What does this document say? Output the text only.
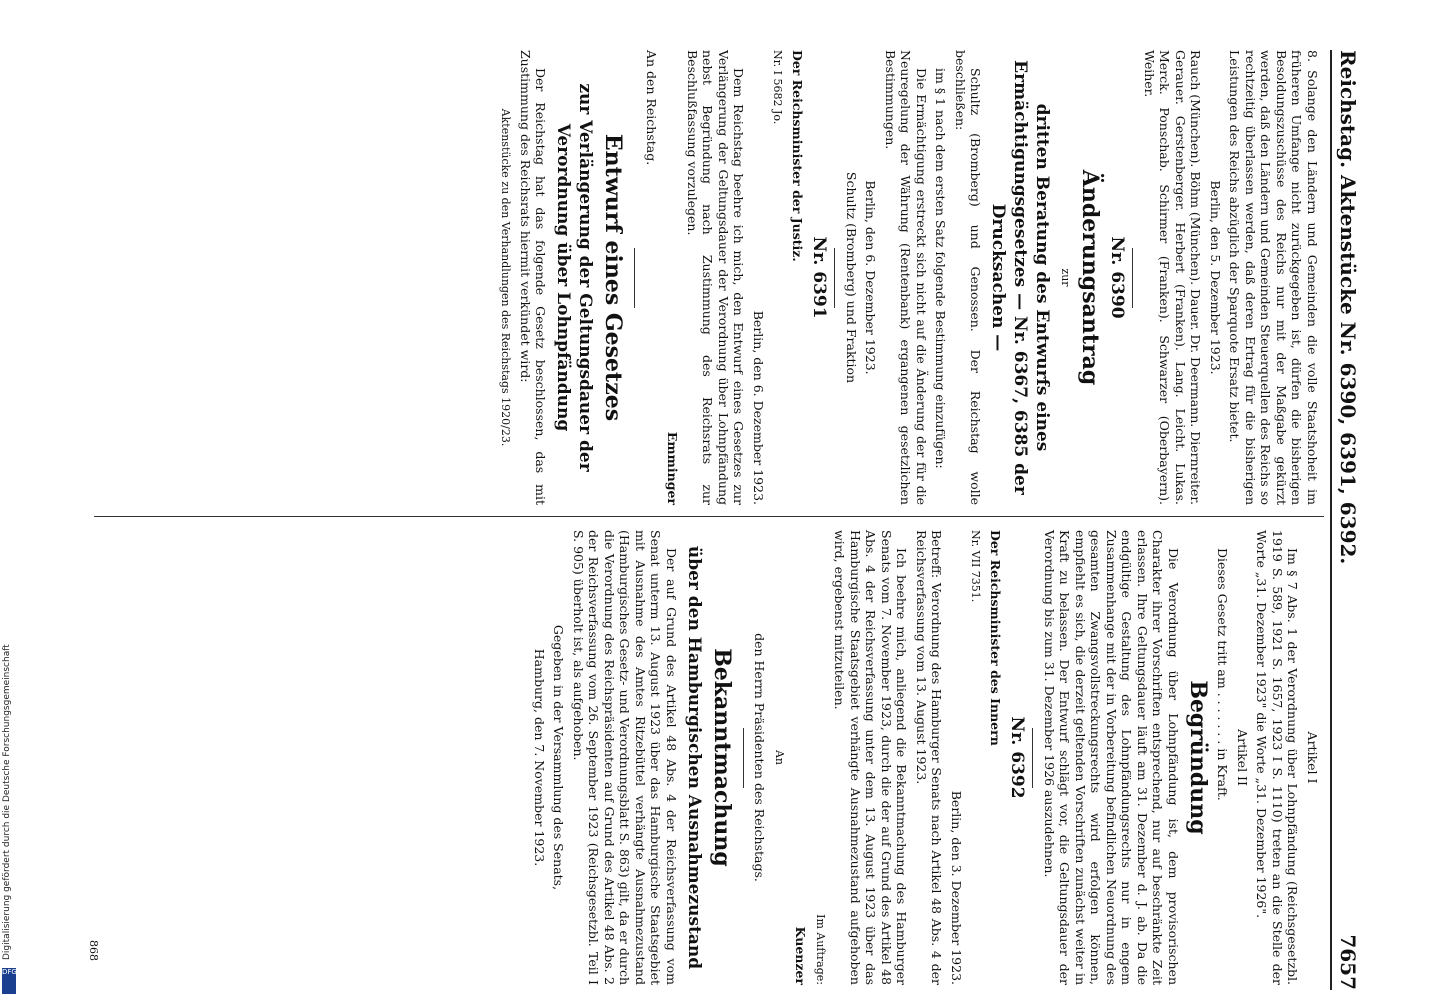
Digitalisierung gefördert durch die Deutsche Forschungsgemeinschaft
DFG
Reichstag. Aktenstücke Nr. 6390, 6391, 6392.
7657

8. Solange den Ländern und Gemeinden die volle Staatshoheit im früheren Umfange nicht zurückgegeben ist, dürfen die bisherigen Besoldungszuschüsse des Reichs nur mit der Maßgabe gekürzt werden, daß den Ländern und Gemeinden Steuerquellen des Reichs so rechtzeitig überlassen werden, daß deren Ertrag für die bisherigen Leistungen des Reichs abzüglich der Sparquote Ersatz bietet.

Berlin, den 5. Dezember 1923.

Rauch (München). Böhm (München). Dauer. Dr. Deermann. Diernreiter. Gerauer. Gerstenberger. Herbert (Franken). Lang. Leicht. Lukas. Merck. Ponschab. Schirmer (Franken). Schwarzer (Oberbayern). Weiher.

Nr. 6390
Änderungsantrag

zur

dritten Beratung des Entwurfs eines Ermächtigungsgesetzes — Nr. 6367, 6385 der Drucksachen —

Schultz (Bromberg) und Genossen. Der Reichstag wolle beschließen:

im § 1 nach dem ersten Satz folgende Bestimmung einzufügen:

Die Ermächtigung erstreckt sich nicht auf die Änderung der für die Neuregelung der Währung (Rentenbank) ergangenen gesetzlichen Bestimmungen.

Berlin, den 6. Dezember 1923.

Schultz (Bromberg) und Fraktion

Nr. 6391

Der Reichsminister der Justiz.

Nr. I 5682 Jo.

Berlin, den 6. Dezember 1923.

Dem Reichstag beehre ich mich, den Entwurf eines Gesetzes zur Verlängerung der Geltungsdauer der Verordnung über Lohnpfändung nebst Begründung nach Zustimmung des Reichsrats zur Beschlußfassung vorzulegen.

Emminger

An den Reichstag.

Entwurf eines Gesetzes
zur Verlängerung der Geltungsdauer der Verordnung über Lohnpfändung

Der Reichstag hat das folgende Gesetz beschlossen, das mit Zustimmung des Reichsrats hiermit verkündet wird:

Aktenstücke zu den Verhandlungen des Reichstags 1920/23.

Artikel I

Im § 7 Abs. 1 der Verordnung über Lohnpfändung (Reichsgesetzbl. 1919 S. 589, 1921 S. 1657, 1923 I S. 1110) treten an die Stelle der Worte „31. Dezember 1923" die Worte „31. Dezember 1926".

Artikel II

Dieses Gesetz tritt am . . . . . . . in Kraft.

Begründung

Die Verordnung über Lohnpfändung ist, dem provisorischen Charakter ihrer Vorschriften entsprechend, nur auf beschränkte Zeit erlassen. Ihre Geltungsdauer läuft am 31. Dezember d. J. ab. Da die endgültige Gestaltung des Lohnpfändungsrechts nur in engem Zusammenhange mit der in Vorbereitung befindlichen Neuordnung des gesamten Zwangsvollstreckungsrechts wird erfolgen können, empfiehlt es sich, die derzeit geltenden Vorschriften zunächst weiter in Kraft zu belassen. Der Entwurf schlägt vor, die Geltungsdauer der Verordnung bis zum 31. Dezember 1926 auszudehnen.

Nr. 6392

Der Reichsminister des Innern

Nr. VII 7351.

Berlin, den 3. Dezember 1923.

Betreff: Verordnung des Hamburger Senats nach Artikel 48 Abs. 4 der Reichsverfassung vom 13. August 1923.

Ich beehre mich, anliegend die Bekanntmachung des Hamburger Senats vom 7. November 1923, durch die der auf Grund des Artikel 48 Abs. 4 der Reichsverfassung unter dem 13. August 1923 über das Hamburgische Staatsgebiet verhängte Ausnahmezustand aufgehoben wird, ergebenst mitzuteilen.

Im Auftrage:

Kuenzer

An

den Herrn Präsidenten des Reichstags.

Bekanntmachung
über den Hamburgischen Ausnahmezustand

Der auf Grund des Artikel 48 Abs. 4 der Reichsverfassung vom Senat unterm 13. August 1923 über das Hamburgische Staatsgebiet mit Ausnahme des Amtes Ritzebüttel verhängte Ausnahmezustand (Hamburgisches Gesetz- und Verordnungsblatt S. 863) gilt, da er durch die Verordnung des Reichspräsidenten auf Grund des Artikel 48 Abs. 2 der Reichsverfassung vom 26. September 1923 (Reichsgesetzbl. Teil I S. 905) überholt ist, als aufgehoben.

Gegeben in der Versammlung des Senats,

Hamburg, den 7. November 1923.

868
